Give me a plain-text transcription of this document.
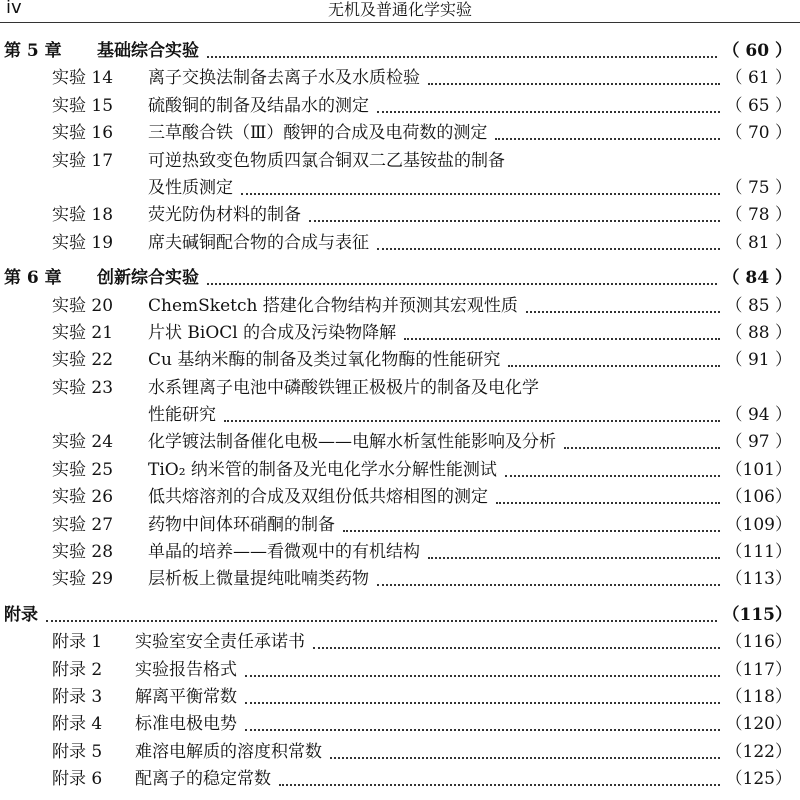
iv	无机及普通化学实验
第 5 章 基础综合实验	（ 60 ）
实验 14 离子交换法制备去离子水及水质检验	（ 61 ）
实验 15 硫酸铜的制备及结晶水的测定	（ 65 ）
实验 16 三草酸合铁（Ⅲ）酸钾的合成及电荷数的测定	（ 70 ）
实验 17 可逆热致变色物质四氯合铜双二乙基铵盐的制备
及性质测定	（ 75 ）
实验 18 荧光防伪材料的制备	（ 78 ）
实验 19 席夫碱铜配合物的合成与表征	（ 81 ）
第 6 章 创新综合实验	（ 84 ）
实验 20 ChemSketch 搭建化合物结构并预测其宏观性质	（ 85 ）
实验 21 片状 BiOCl 的合成及污染物降解	（ 88 ）
实验 22 Cu 基纳米酶的制备及类过氧化物酶的性能研究	（ 91 ）
实验 23 水系锂离子电池中磷酸铁锂正极极片的制备及电化学
性能研究	（ 94 ）
实验 24 化学镀法制备催化电极——电解水析氢性能影响及分析	（ 97 ）
实验 25 TiO₂ 纳米管的制备及光电化学水分解性能测试	（101）
实验 26 低共熔溶剂的合成及双组份低共熔相图的测定	（106）
实验 27 药物中间体环硝酮的制备	（109）
实验 28 单晶的培养——看微观中的有机结构	（111）
实验 29 层析板上微量提纯吡喃类药物	（113）
附录	（115）
附录 1 实验室安全责任承诺书	（116）
附录 2 实验报告格式	（117）
附录 3 解离平衡常数	（118）
附录 4 标准电极电势	（120）
附录 5 难溶电解质的溶度积常数	（122）
附录 6 配离子的稳定常数	（125）
